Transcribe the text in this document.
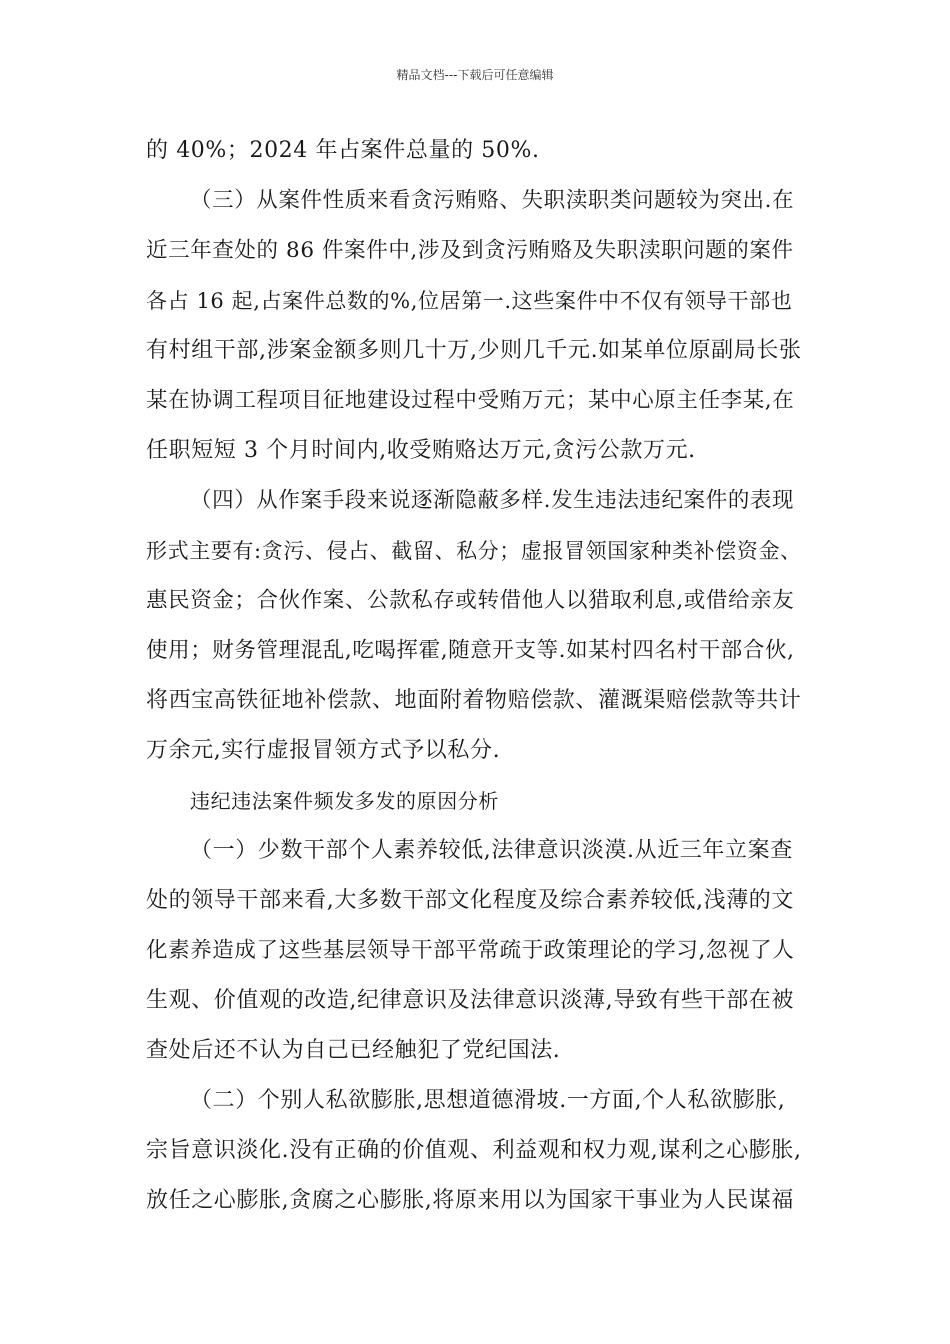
精品文档---下载后可任意编辑
的 40%；2024 年占案件总量的 50%.
（三）从案件性质来看贪污贿赂、失职渎职类问题较为突出.在
近三年查处的 86 件案件中,涉及到贪污贿赂及失职渎职问题的案件
各占 16 起,占案件总数的%,位居第一.这些案件中不仅有领导干部也
有村组干部,涉案金额多则几十万,少则几千元.如某单位原副局长张
某在协调工程项目征地建设过程中受贿万元；某中心原主任李某,在
任职短短 3 个月时间内,收受贿赂达万元,贪污公款万元.
（四）从作案手段来说逐渐隐蔽多样.发生违法违纪案件的表现
形式主要有:贪污、侵占、截留、私分；虚报冒领国家种类补偿资金、
惠民资金；合伙作案、公款私存或转借他人以猎取利息,或借给亲友
使用；财务管理混乱,吃喝挥霍,随意开支等.如某村四名村干部合伙,
将西宝高铁征地补偿款、地面附着物赔偿款、灌溉渠赔偿款等共计
万余元,实行虚报冒领方式予以私分.
违纪违法案件频发多发的原因分析
（一）少数干部个人素养较低,法律意识淡漠.从近三年立案查
处的领导干部来看,大多数干部文化程度及综合素养较低,浅薄的文
化素养造成了这些基层领导干部平常疏于政策理论的学习,忽视了人
生观、价值观的改造,纪律意识及法律意识淡薄,导致有些干部在被
查处后还不认为自己已经触犯了党纪国法.
（二）个别人私欲膨胀,思想道德滑坡.一方面,个人私欲膨胀,
宗旨意识淡化.没有正确的价值观、利益观和权力观,谋利之心膨胀,
放任之心膨胀,贪腐之心膨胀,将原来用以为国家干事业为人民谋福
